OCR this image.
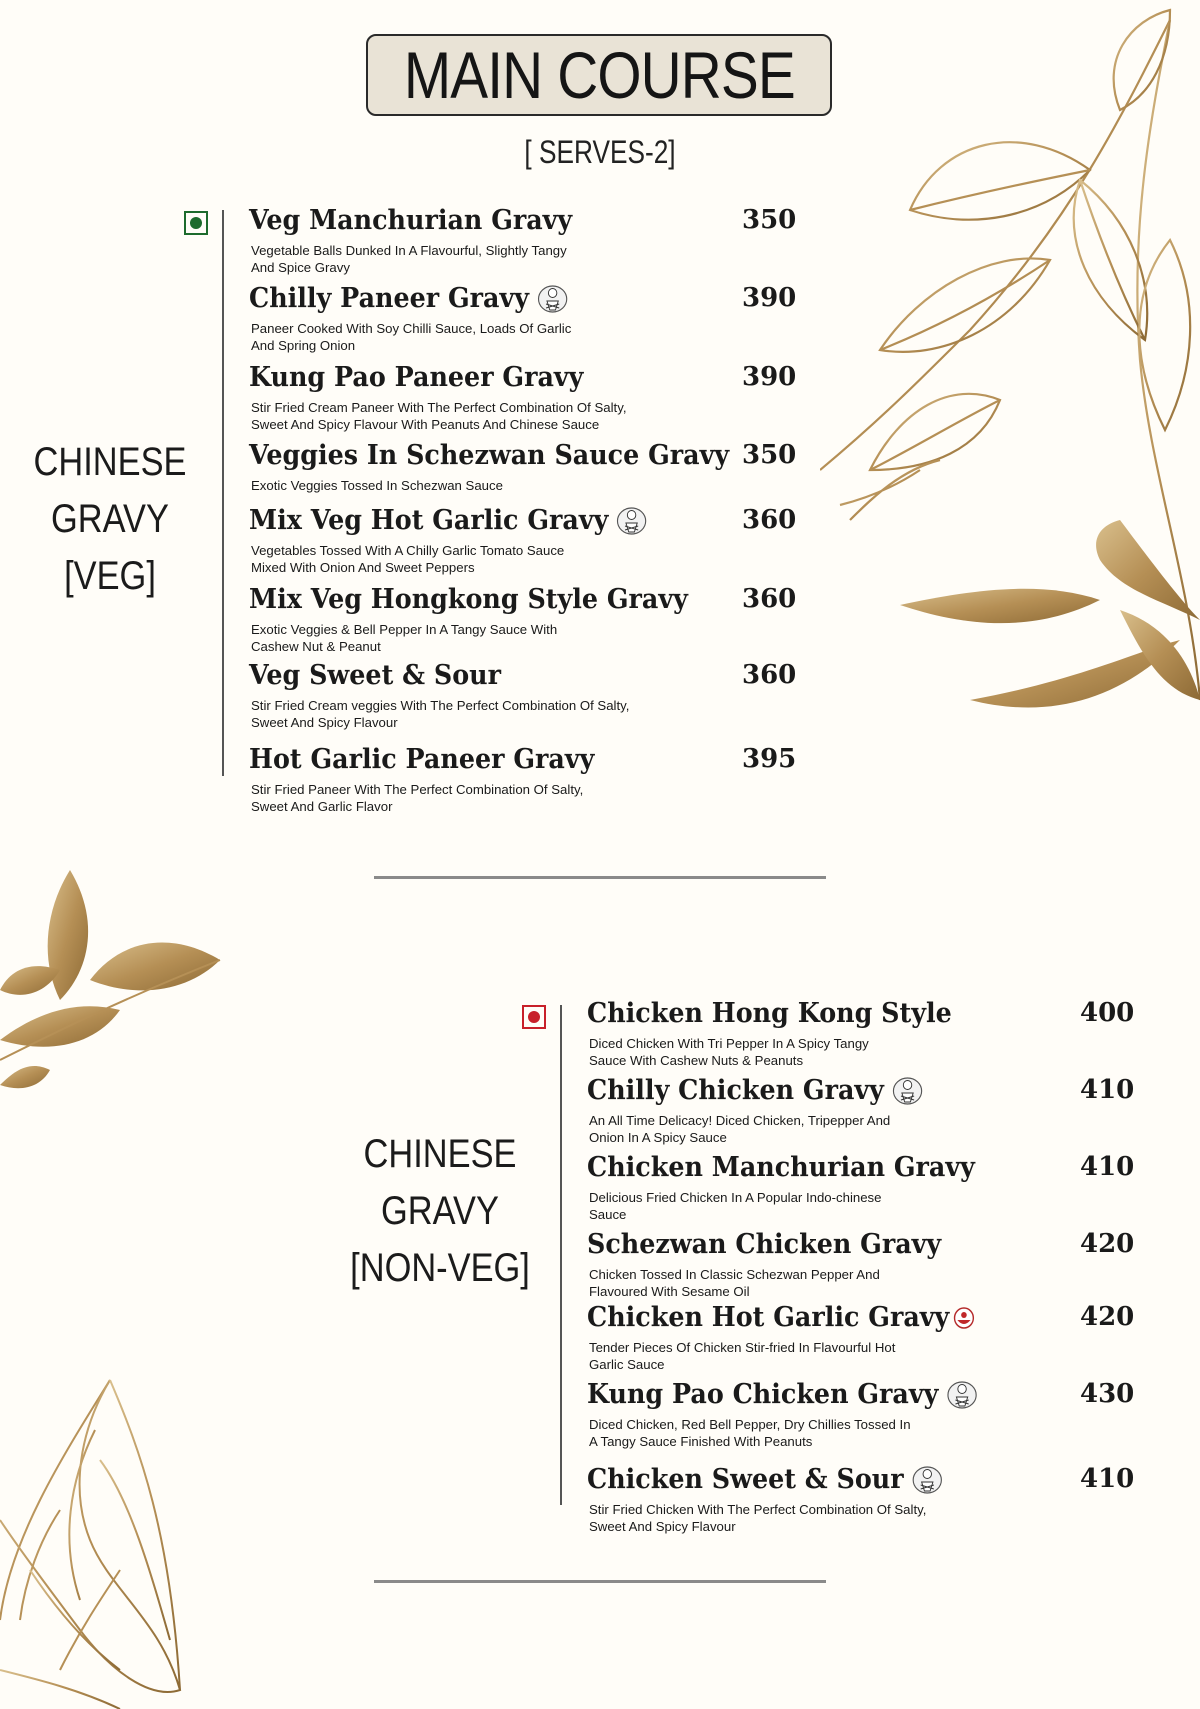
MAIN COURSE
[ SERVES-2]
CHINESE
GRAVY
[VEG]
Veg Manchurian Gravy	350
Vegetable Balls Dunked In A Flavourful, Slightly Tangy
And Spice Gravy
Chilly Paneer Gravy	390
Paneer Cooked With Soy Chilli Sauce, Loads Of Garlic
And Spring Onion
Kung Pao Paneer Gravy	390
Stir Fried Cream Paneer With The Perfect Combination Of Salty,
Sweet And Spicy Flavour With Peanuts And Chinese Sauce
Veggies In Schezwan Sauce Gravy 350
Exotic Veggies Tossed In Schezwan Sauce
Mix Veg Hot Garlic Gravy	360
Vegetables Tossed With A Chilly Garlic Tomato Sauce
Mixed With Onion And Sweet Peppers
Mix Veg Hongkong Style Gravy 360
Exotic Veggies & Bell Pepper In A Tangy Sauce With
Cashew Nut & Peanut
Veg Sweet & Sour	360
Stir Fried Cream veggies With The Perfect Combination Of Salty,
Sweet And Spicy Flavour
Hot Garlic Paneer Gravy	395
Stir Fried Paneer With The Perfect Combination Of Salty,
Sweet And Garlic Flavor
CHINESE
GRAVY
[NON-VEG]
Chicken Hong Kong Style	400
Diced Chicken With Tri Pepper In A Spicy Tangy
Sauce With Cashew Nuts & Peanuts
Chilly Chicken Gravy	410
An All Time Delicacy! Diced Chicken, Tripepper And
Onion In A Spicy Sauce
Chicken Manchurian Gravy	410
Delicious Fried Chicken In A Popular Indo-chinese
Sauce
Schezwan Chicken Gravy	420
Chicken Tossed In Classic Schezwan Pepper And
Flavoured With Sesame Oil
Chicken Hot Garlic Gravy	420
Tender Pieces Of Chicken Stir-fried In Flavourful Hot
Garlic Sauce
Kung Pao Chicken Gravy	430
Diced Chicken, Red Bell Pepper, Dry Chillies Tossed In
A Tangy Sauce Finished With Peanuts
Chicken Sweet & Sour	410
Stir Fried Chicken With The Perfect Combination Of Salty,
Sweet And Spicy Flavour
